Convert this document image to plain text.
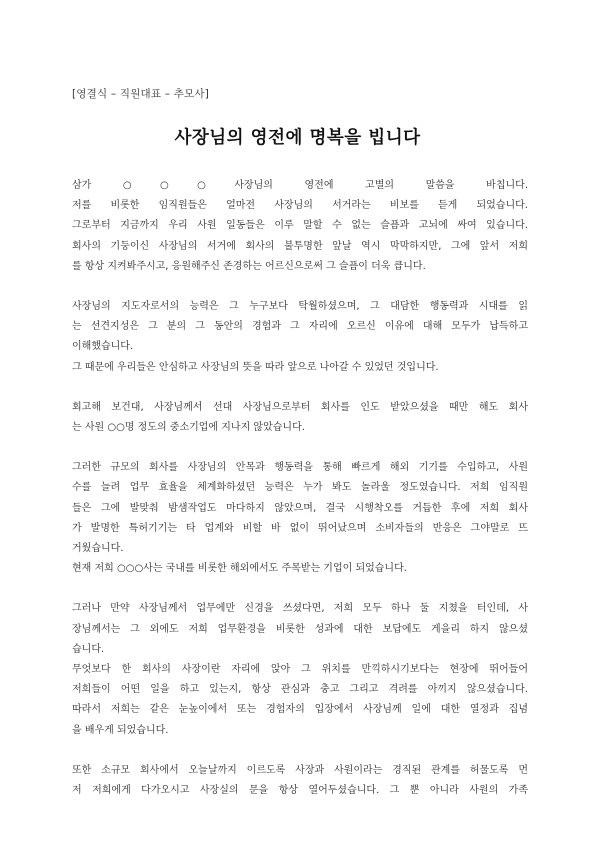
[영결식 – 직원대표 – 추모사]
사장님의 영전에 명복을 빕니다

삼가 ○○○사장님의 영전에 고별의 말씀을 바칩니다.
저를 비롯한 임직원들은 얼마전 사장님의 서거라는 비보를 듣게 되었습니다.
그로부터 지금까지 우리 사원 일동들은 이루 말할 수 없는 슬픔과 고뇌에 싸여 있습니다.
회사의 기둥이신 사장님의 서거에 회사의 불투명한 앞날 역시 막막하지만, 그에 앞서 저희
를 항상 지켜봐주시고, 응원해주신 존경하는 어르신으로써 그 슬픔이 더욱 큽니다.

사장님의 지도자로서의 능력은 그 누구보다 탁월하셨으며, 그 대담한 행동력과 시대를 읽
는 선견지성은 그 분의 그 동안의 경험과 그 자리에 오르신 이유에 대해 모두가 납득하고
이해했습니다.
그 때문에 우리들은 안심하고 사장님의 뜻을 따라 앞으로 나아갈 수 있었던 것입니다.

회고해 보건대, 사장님께서 선대 사장님으로부터 회사를 인도 받았으셨을 때만 해도 회사
는 사원 ○○명 정도의 중소기업에 지나지 않았습니다.

그러한 규모의 회사를 사장님의 안목과 행동력을 통해 빠르게 해외 기기를 수입하고, 사원
수를 늘려 업무 효율을 체계화하셨던 능력은 누가 봐도 놀라울 정도였습니다. 저희 임직원
들은 그에 발맞춰 밤샘작업도 마다하지 않았으며, 결국 시행착오를 거듭한 후에 저희 회사
가 발명한 특허기기는 타 업계와 비할 바 없이 뛰어났으며 소비자들의 반응은 그야말로 뜨
거웠습니다.
현재 저희 ○○○사는 국내를 비롯한 해외에서도 주목받는 기업이 되었습니다.

그러나 만약 사장님께서 업무에만 신경을 쓰셨다면, 저희 모두 하나 둘 지쳤을 터인데, 사
장님께서는 그 외에도 저희 업무환경을 비롯한 성과에 대한 보답에도 게을리 하지 않으셨
습니다.
무엇보다 한 회사의 사장이란 자리에 앉아 그 위치를 만끽하시기보다는 현장에 뛰어들어
저희들이 어떤 일을 하고 있는지, 항상 관심과 충고 그리고 격려를 아끼지 않으셨습니다.
따라서 저희는 같은 눈높이에서 또는 경험자의 입장에서 사장님께 일에 대한 열정과 집념
을 배우게 되었습니다.

또한 소규모 회사에서 오늘날까지 이르도록 사장과 사원이라는 경직된 관계를 허물도록 먼
저 저희에게 다가오시고 사장실의 문을 항상 열어두셨습니다. 그 뿐 아니라 사원의 가족
